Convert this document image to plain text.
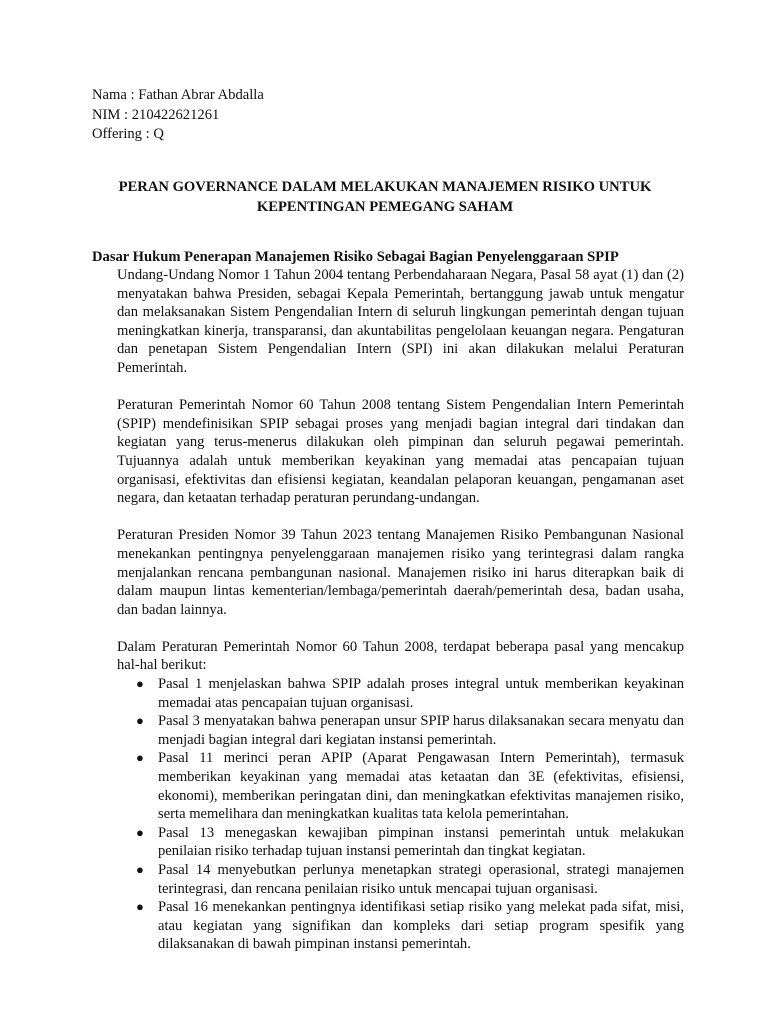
Nama : Fathan Abrar Abdalla
NIM : 210422621261
Offering : Q
PERAN GOVERNANCE DALAM MELAKUKAN MANAJEMEN RISIKO UNTUK
KEPENTINGAN PEMEGANG SAHAM
Dasar Hukum Penerapan Manajemen Risiko Sebagai Bagian Penyelenggaraan SPIP

Undang-Undang Nomor 1 Tahun 2004 tentang Perbendaharaan Negara, Pasal 58 ayat (1) dan (2) menyatakan bahwa Presiden, sebagai Kepala Pemerintah, bertanggung jawab untuk mengatur dan melaksanakan Sistem Pengendalian Intern di seluruh lingkungan pemerintah dengan tujuan meningkatkan kinerja, transparansi, dan akuntabilitas pengelolaan keuangan negara. Pengaturan dan penetapan Sistem Pengendalian Intern (SPI) ini akan dilakukan melalui Peraturan Pemerintah.

Peraturan Pemerintah Nomor 60 Tahun 2008 tentang Sistem Pengendalian Intern Pemerintah (SPIP) mendefinisikan SPIP sebagai proses yang menjadi bagian integral dari tindakan dan kegiatan yang terus-menerus dilakukan oleh pimpinan dan seluruh pegawai pemerintah. Tujuannya adalah untuk memberikan keyakinan yang memadai atas pencapaian tujuan organisasi, efektivitas dan efisiensi kegiatan, keandalan pelaporan keuangan, pengamanan aset negara, dan ketaatan terhadap peraturan perundang-undangan.

Peraturan Presiden Nomor 39 Tahun 2023 tentang Manajemen Risiko Pembangunan Nasional menekankan pentingnya penyelenggaraan manajemen risiko yang terintegrasi dalam rangka menjalankan rencana pembangunan nasional. Manajemen risiko ini harus diterapkan baik di dalam maupun lintas kementerian/lembaga/pemerintah daerah/pemerintah desa, badan usaha, dan badan lainnya.

Dalam Peraturan Pemerintah Nomor 60 Tahun 2008, terdapat beberapa pasal yang mencakup hal-hal berikut:

● Pasal 1 menjelaskan bahwa SPIP adalah proses integral untuk memberikan keyakinan memadai atas pencapaian tujuan organisasi.
● Pasal 3 menyatakan bahwa penerapan unsur SPIP harus dilaksanakan secara menyatu dan menjadi bagian integral dari kegiatan instansi pemerintah.
● Pasal 11 merinci peran APIP (Aparat Pengawasan Intern Pemerintah), termasuk memberikan keyakinan yang memadai atas ketaatan dan 3E (efektivitas, efisiensi, ekonomi), memberikan peringatan dini, dan meningkatkan efektivitas manajemen risiko, serta memelihara dan meningkatkan kualitas tata kelola pemerintahan.
● Pasal 13 menegaskan kewajiban pimpinan instansi pemerintah untuk melakukan penilaian risiko terhadap tujuan instansi pemerintah dan tingkat kegiatan.
● Pasal 14 menyebutkan perlunya menetapkan strategi operasional, strategi manajemen terintegrasi, dan rencana penilaian risiko untuk mencapai tujuan organisasi.
● Pasal 16 menekankan pentingnya identifikasi setiap risiko yang melekat pada sifat, misi, atau kegiatan yang signifikan dan kompleks dari setiap program spesifik yang dilaksanakan di bawah pimpinan instansi pemerintah.
